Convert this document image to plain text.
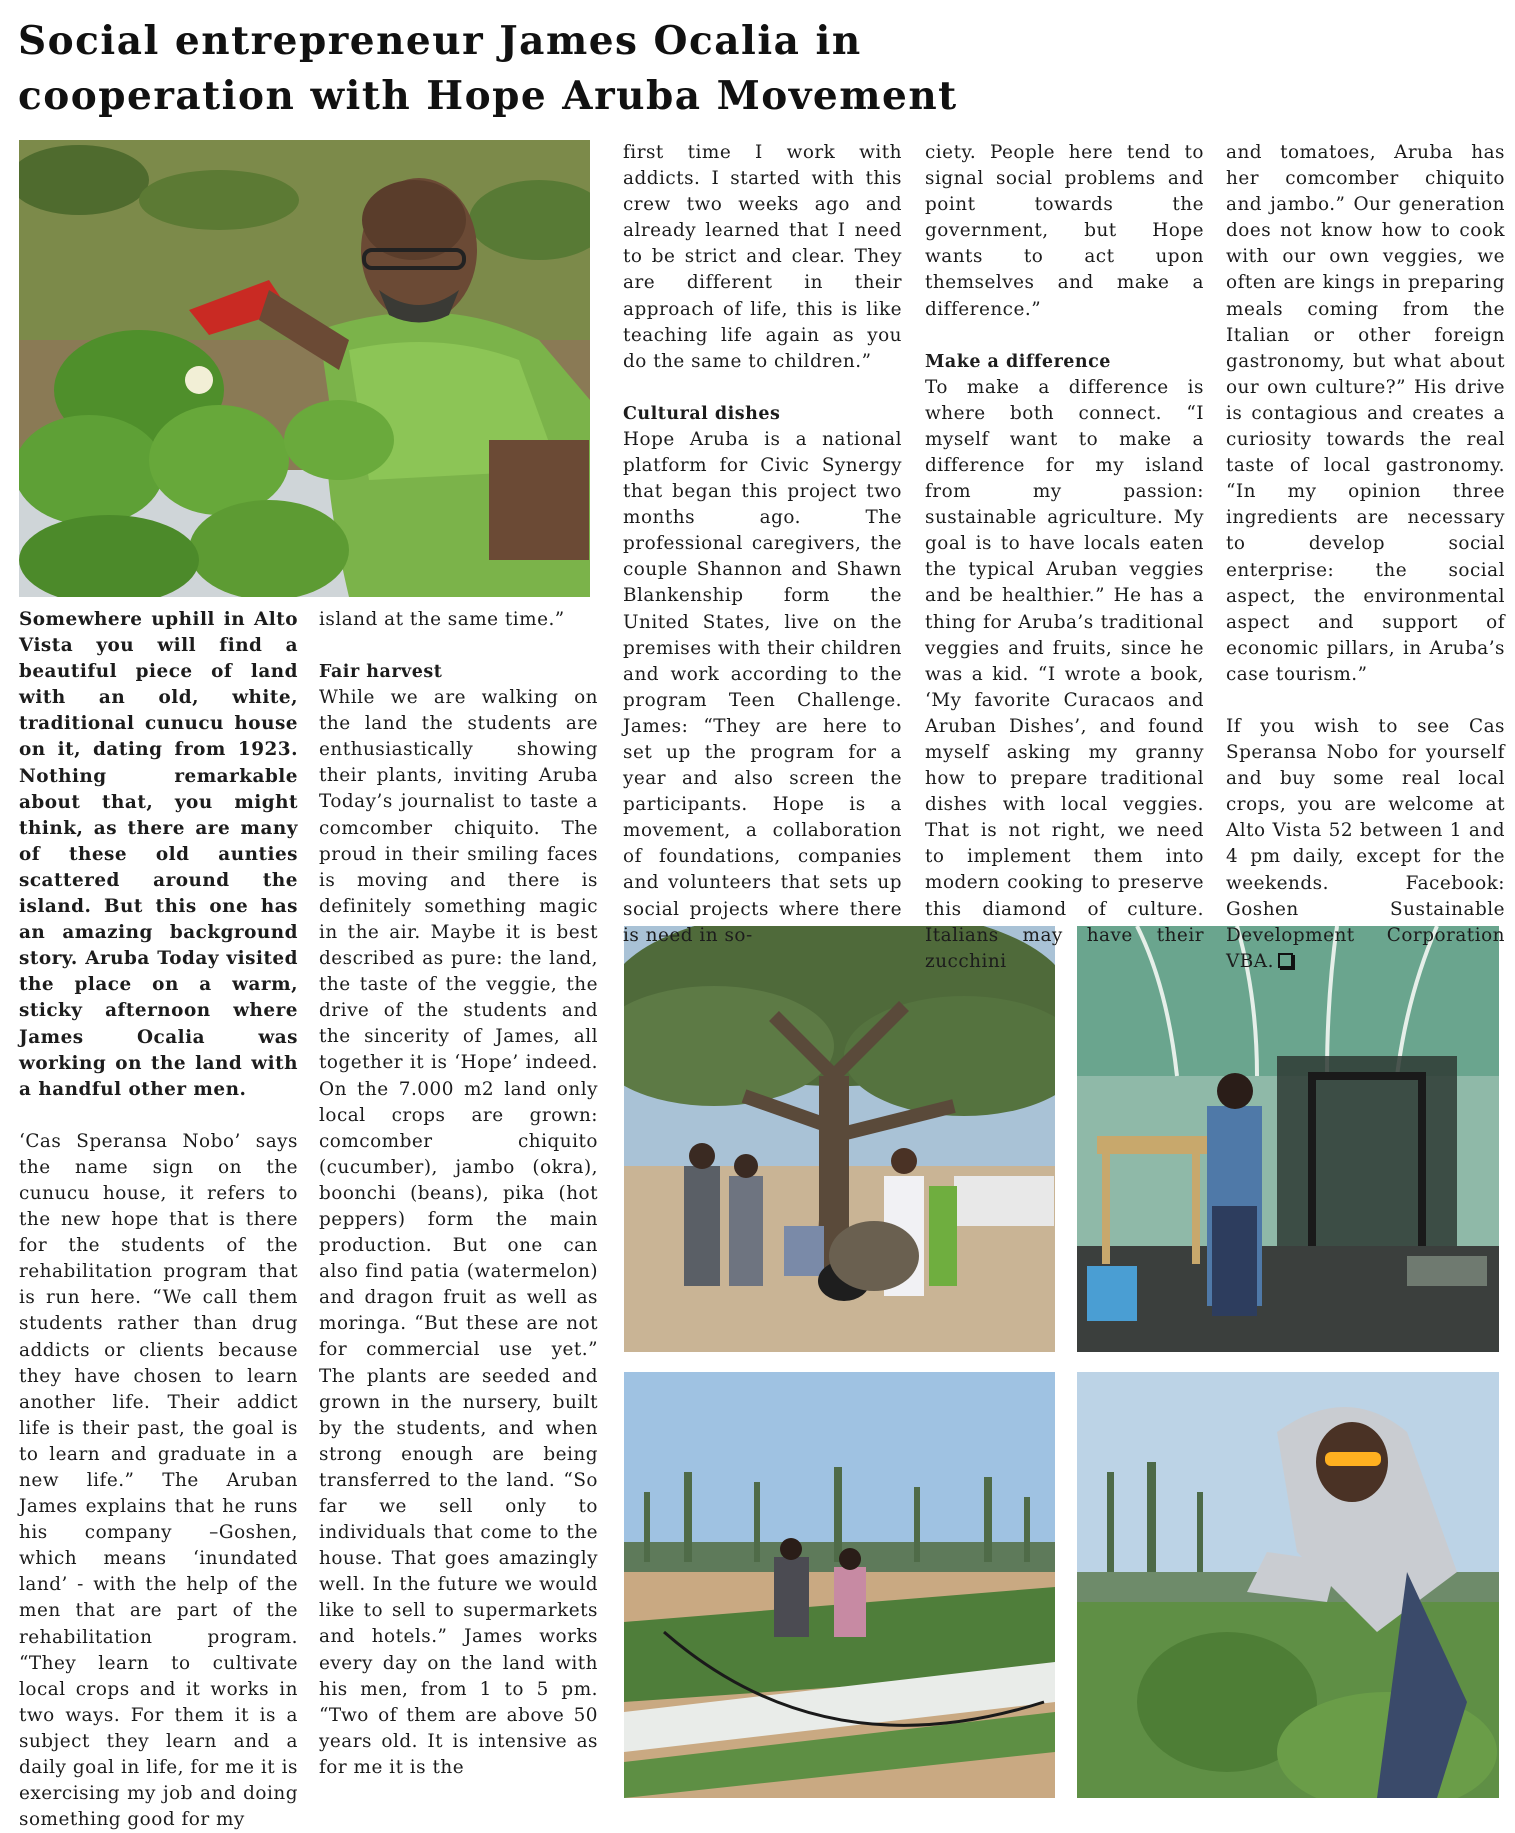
Social entrepreneur James Ocalia in
cooperation with Hope Aruba Movement

Somewhere uphill in Alto Vista you will find a beautiful piece of land with an old, white, traditional cunucu house on it, dating from 1923. Nothing remarkable about that, you might think, as there are many of these old aunties scattered around the island. But this one has an amazing background story. Aruba Today visited the place on a warm, sticky afternoon where James Ocalia was working on the land with a handful other men.

‘Cas Speransa Nobo’ says the name sign on the cunucu house, it refers to the new hope that is there for the students of the rehabilitation program that is run here. “We call them students rather than drug addicts or clients because they have chosen to learn another life. Their addict life is their past, the goal is to learn and graduate in a new life.” The Aruban James explains that he runs his company –Goshen, which means ‘inundated land’ - with the help of the men that are part of the rehabilitation program. “They learn to cultivate local crops and it works in two ways. For them it is a subject they learn and a daily goal in life, for me it is exercising my job and doing something good for my

island at the same time.”

Fair harvest

While we are walking on the land the students are enthusiastically showing their plants, inviting Aruba Today’s journalist to taste a comcomber chiquito. The proud in their smiling faces is moving and there is definitely something magic in the air. Maybe it is best described as pure: the land, the taste of the veggie, the drive of the students and the sincerity of James, all together it is ‘Hope’ indeed. On the 7.000 m2 land only local crops are grown: comcomber chiquito (cucumber), jambo (okra), boonchi (beans), pika (hot peppers) form the main production. But one can also find patia (watermelon) and dragon fruit as well as moringa. “But these are not for commercial use yet.” The plants are seeded and grown in the nursery, built by the students, and when strong enough are being transferred to the land. “So far we sell only to individuals that come to the house. That goes amazingly well. In the future we would like to sell to supermarkets and hotels.” James works every day on the land with his men, from 1 to 5 pm. “Two of them are above 50 years old. It is intensive as for me it is the

first time I work with addicts. I started with this crew two weeks ago and already learned that I need to be strict and clear. They are different in their approach of life, this is like teaching life again as you do the same to children.”

Cultural dishes

Hope Aruba is a national platform for Civic Synergy that began this project two months ago. The professional caregivers, the couple Shannon and Shawn Blankenship form the United States, live on the premises with their children and work according to the program Teen Challenge. James: “They are here to set up the program for a year and also screen the participants. Hope is a movement, a collaboration of foundations, companies and volunteers that sets up social projects where there is need in so-

ciety. People here tend to signal social problems and point towards the government, but Hope wants to act upon themselves and make a difference.”

Make a difference

To make a difference is where both connect. “I myself want to make a difference for my island from my passion: sustainable agriculture. My goal is to have locals eaten the typical Aruban veggies and be healthier.” He has a thing for Aruba’s traditional veggies and fruits, since he was a kid. “I wrote a book, ‘My favorite Curacaos and Aruban Dishes’, and found myself asking my granny how to prepare traditional dishes with local veggies. That is not right, we need to implement them into modern cooking to preserve this diamond of culture. Italians may have their zucchini

and tomatoes, Aruba has her comcomber chiquito and jambo.” Our generation does not know how to cook with our own veggies, we often are kings in preparing meals coming from the Italian or other foreign gastronomy, but what about our own culture?” His drive is contagious and creates a curiosity towards the real taste of local gastronomy. “In my opinion three ingredients are necessary to develop social enterprise: the social aspect, the environmental aspect and support of economic pillars, in Aruba’s case tourism.”

If you wish to see Cas Speransa Nobo for yourself and buy some real local crops, you are welcome at Alto Vista 52 between 1 and 4 pm daily, except for the weekends. Facebook: Goshen Sustainable Development Corporation VBA.
